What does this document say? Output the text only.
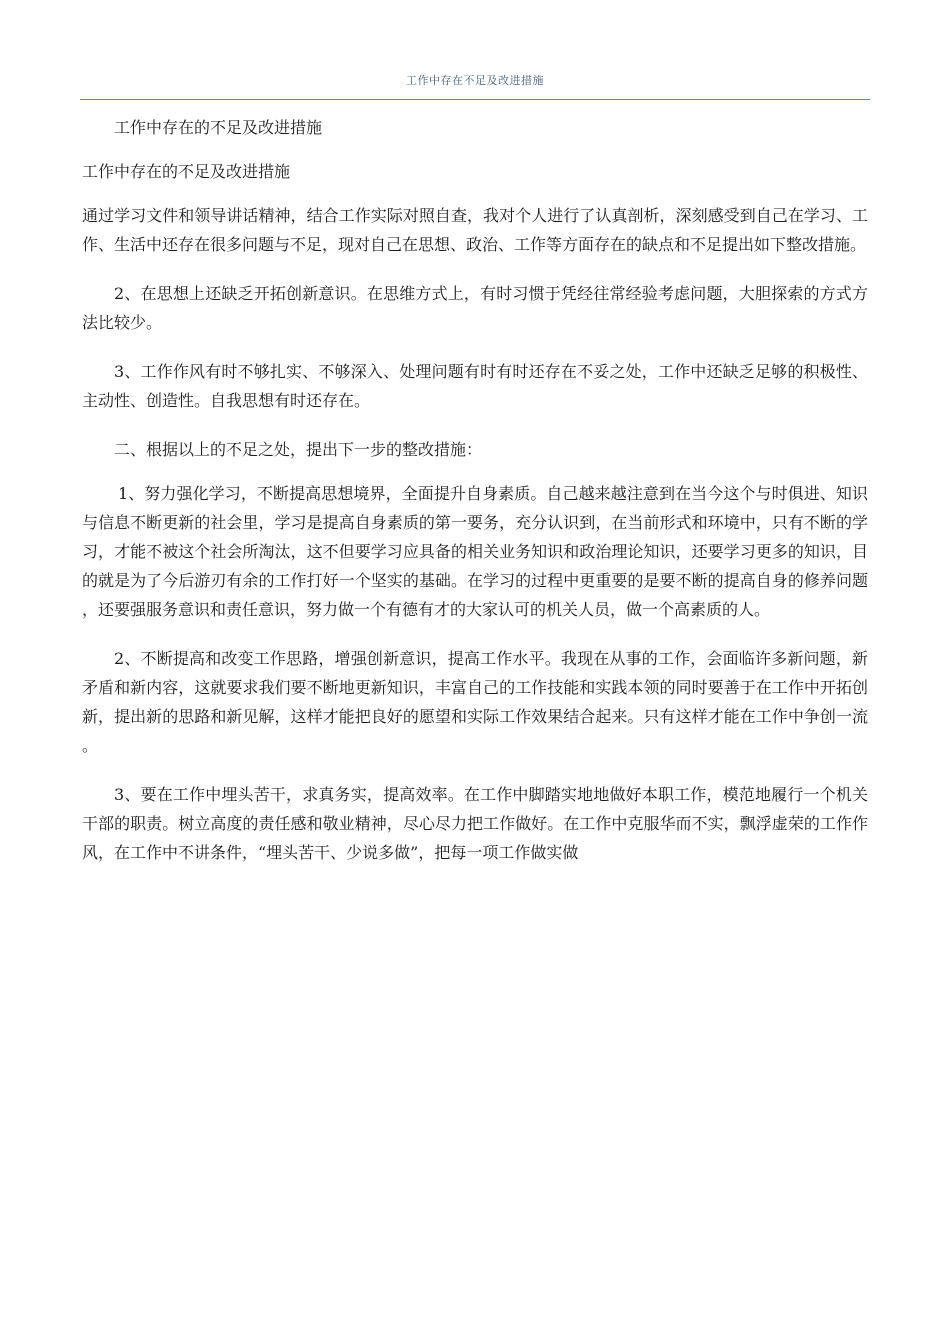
工作中存在不足及改进措施

工作中存在的不足及改进措施

工作中存在的不足及改进措施

通过学习文件和领导讲话精神，结合工作实际对照自查，我对个人进行了认真剖析，深刻感受到自己在学习、工作、生活中还存在很多问题与不足，现对自己在思想、政治、工作等方面存在的缺点和不足提出如下整改措施。

2、在思想上还缺乏开拓创新意识。在思维方式上，有时习惯于凭经往常经验考虑问题，大胆探索的方式方法比较少。

3、工作作风有时不够扎实、不够深入、处理问题有时有时还存在不妥之处，工作中还缺乏足够的积极性、主动性、创造性。自我思想有时还存在。

二、根据以上的不足之处，提出下一步的整改措施：

1、努力强化学习，不断提高思想境界，全面提升自身素质。自己越来越注意到在当今这个与时俱进、知识与信息不断更新的社会里，学习是提高自身素质的第一要务，充分认识到，在当前形式和环境中，只有不断的学习，才能不被这个社会所淘汰，这不但要学习应具备的相关业务知识和政治理论知识，还要学习更多的知识，目的就是为了今后游刃有余的工作打好一个坚实的基础。在学习的过程中更重要的是要不断的提高自身的修养问题，还要强服务意识和责任意识，努力做一个有德有才的大家认可的机关人员，做一个高素质的人。

2、不断提高和改变工作思路，增强创新意识，提高工作水平。我现在从事的工作，会面临许多新问题，新矛盾和新内容，这就要求我们要不断地更新知识，丰富自己的工作技能和实践本领的同时要善于在工作中开拓创新，提出新的思路和新见解，这样才能把良好的愿望和实际工作效果结合起来。只有这样才能在工作中争创一流。

3、要在工作中埋头苦干，求真务实，提高效率。在工作中脚踏实地地做好本职工作，模范地履行一个机关干部的职责。树立高度的责任感和敬业精神，尽心尽力把工作做好。在工作中克服华而不实，飘浮虚荣的工作作风，在工作中不讲条件，“埋头苦干、少说多做”，把每一项工作做实做
